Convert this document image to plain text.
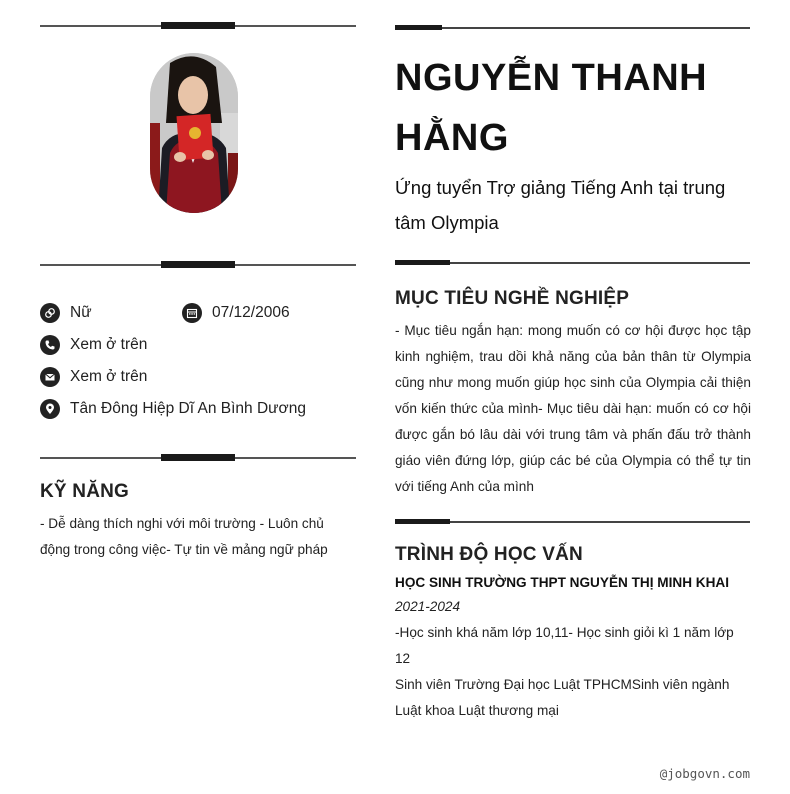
Nữ	07/12/2006
Xem ở trên
Xem ở trên
Tân Đông Hiệp Dĩ An Bình Dương
KỸ NĂNG
- Dễ dàng thích nghi với môi trường - Luôn chủ động trong công việc- Tự tin về mảng ngữ pháp
NGUYỄN THANH HẰNG
Ứng tuyển Trợ giảng Tiếng Anh tại trung tâm Olympia
MỤC TIÊU NGHỀ NGHIỆP
- Mục tiêu ngắn hạn: mong muốn có cơ hội được học tập kinh nghiệm, trau dồi khả năng của bản thân từ Olympia cũng như mong muốn giúp học sinh của Olympia cải thiện vốn kiến thức của mình- Mục tiêu dài hạn: muốn có cơ hội được gắn bó lâu dài với trung tâm và phấn đấu trở thành giáo viên đứng lớp, giúp các bé của Olympia có thể tự tin với tiếng Anh của mình
TRÌNH ĐỘ HỌC VẤN
HỌC SINH TRƯỜNG THPT NGUYỄN THỊ MINH KHAI
2021-2024
-Học sinh khá năm lớp 10,11- Học sinh giỏi kì 1 năm lớp 12
Sinh viên Trường Đại học Luật TPHCMSinh viên ngành Luật khoa Luật thương mại
@jobgovn.com
